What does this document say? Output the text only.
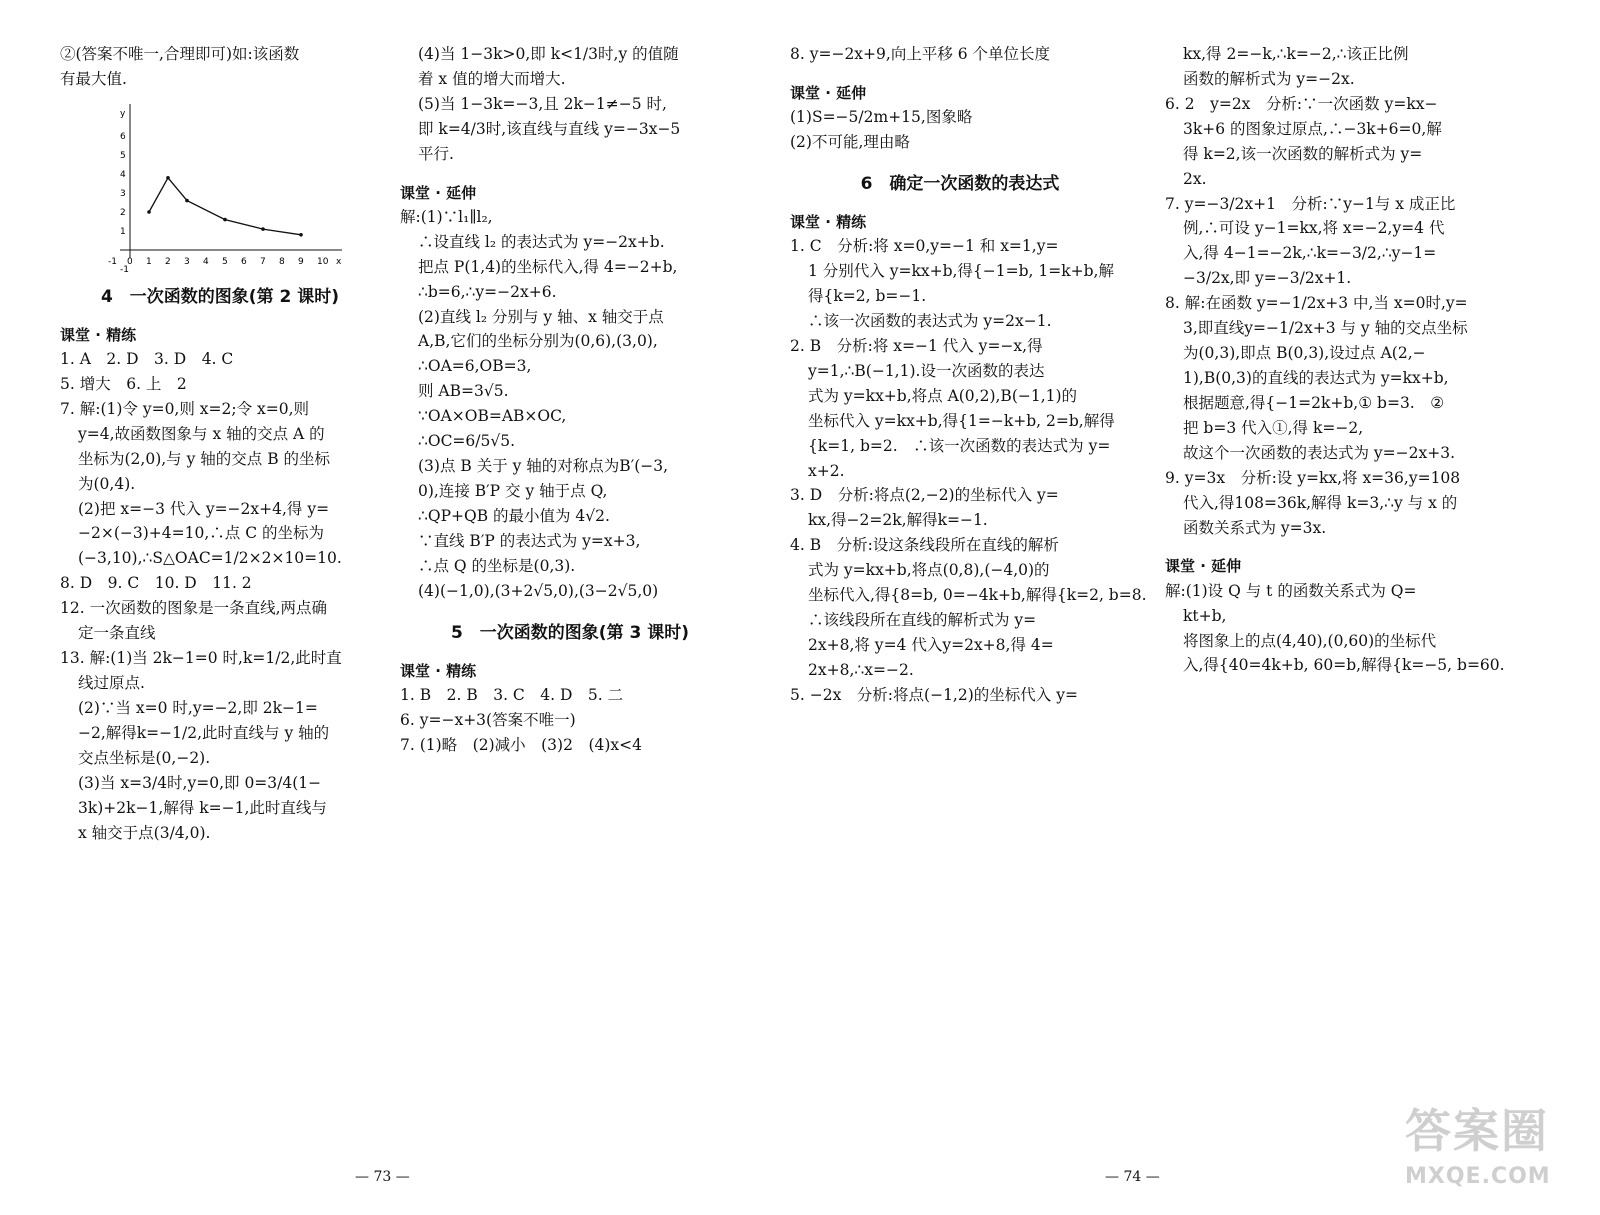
②(答案不唯一,合理即可)如:该函数

有最大值.

-1 0 1 2 3 4 5 6 7 8 9 10 x
6
5
4
3
2
1
-1
y

4　一次函数的图象(第 2 课时)

课堂 · 精练

1. A　2. D　3. D　4. C

5. 增大　6. 上　2

7. 解:(1)令 y=0,则 x=2;令 x=0,则

y=4,故函数图象与 x 轴的交点 A 的

坐标为(2,0),与 y 轴的交点 B 的坐标

为(0,4).

(2)把 x=−3 代入 y=−2x+4,得 y=

−2×(−3)+4=10,∴点 C 的坐标为

(−3,10),∴S△OAC=1/2×2×10=10.

8. D　9. C　10. D　11. 2

12. 一次函数的图象是一条直线,两点确

定一条直线

13. 解:(1)当 2k−1=0 时,k=1/2,此时直

线过原点.

(2)∵当 x=0 时,y=−2,即 2k−1=

−2,解得k=−1/2,此时直线与 y 轴的

交点坐标是(0,−2).

(3)当 x=3/4时,y=0,即 0=3/4(1−

3k)+2k−1,解得 k=−1,此时直线与

x 轴交于点(3/4,0).

(4)当 1−3k>0,即 k<1/3时,y 的值随

着 x 值的增大而增大.

(5)当 1−3k=−3,且 2k−1≠−5 时,

即 k=4/3时,该直线与直线 y=−3x−5

平行.

课堂 · 延伸

解:(1)∵l₁∥l₂,

∴设直线 l₂ 的表达式为 y=−2x+b.

把点 P(1,4)的坐标代入,得 4=−2+b,

∴b=6,∴y=−2x+6.

(2)直线 l₂ 分别与 y 轴、x 轴交于点

A,B,它们的坐标分别为(0,6),(3,0),

∴OA=6,OB=3,

则 AB=3√5.

∵OA×OB=AB×OC,

∴OC=6/5√5.

(3)点 B 关于 y 轴的对称点为B′(−3,

0),连接 B′P 交 y 轴于点 Q,

∴QP+QB 的最小值为 4√2.

∵直线 B′P 的表达式为 y=x+3,

∴点 Q 的坐标是(0,3).

(4)(−1,0),(3+2√5,0),(3−2√5,0)

5　一次函数的图象(第 3 课时)

课堂 · 精练

1. B　2. B　3. C　4. D　5. 二

6. y=−x+3(答案不唯一)

7. (1)略　(2)减小　(3)2　(4)x<4

— 73 —

8. y=−2x+9,向上平移 6 个单位长度

课堂 · 延伸

(1)S=−5/2m+15,图象略

(2)不可能,理由略

6　确定一次函数的表达式

课堂 · 精练

1. C　分析:将 x=0,y=−1 和 x=1,y=

1 分别代入 y=kx+b,得{−1=b, 1=k+b,解

得{k=2, b=−1.

∴该一次函数的表达式为 y=2x−1.

2. B　分析:将 x=−1 代入 y=−x,得

y=1,∴B(−1,1).设一次函数的表达

式为 y=kx+b,将点 A(0,2),B(−1,1)的

坐标代入 y=kx+b,得{1=−k+b, 2=b,解得

{k=1, b=2.　∴该一次函数的表达式为 y=

x+2.

3. D　分析:将点(2,−2)的坐标代入 y=

kx,得−2=2k,解得k=−1.

4. B　分析:设这条线段所在直线的解析

式为 y=kx+b,将点(0,8),(−4,0)的

坐标代入,得{8=b, 0=−4k+b,解得{k=2, b=8.

∴该线段所在直线的解析式为 y=

2x+8,将 y=4 代入y=2x+8,得 4=

2x+8,∴x=−2.

5. −2x　分析:将点(−1,2)的坐标代入 y=

kx,得 2=−k,∴k=−2,∴该正比例

函数的解析式为 y=−2x.

6. 2　y=2x　分析:∵一次函数 y=kx−

3k+6 的图象过原点,∴−3k+6=0,解

得 k=2,该一次函数的解析式为 y=

2x.

7. y=−3/2x+1　分析:∵y−1与 x 成正比

例,∴可设 y−1=kx,将 x=−2,y=4 代

入,得 4−1=−2k,∴k=−3/2,∴y−1=

−3/2x,即 y=−3/2x+1.

8. 解:在函数 y=−1/2x+3 中,当 x=0时,y=

3,即直线y=−1/2x+3 与 y 轴的交点坐标

为(0,3),即点 B(0,3),设过点 A(2,−

1),B(0,3)的直线的表达式为 y=kx+b,

根据题意,得{−1=2k+b,① b=3.　②

把 b=3 代入①,得 k=−2,

故这个一次函数的表达式为 y=−2x+3.

9. y=3x　分析:设 y=kx,将 x=36,y=108

代入,得108=36k,解得 k=3,∴y 与 x 的

函数关系式为 y=3x.

课堂 · 延伸

解:(1)设 Q 与 t 的函数关系式为 Q=

kt+b,

将图象上的点(4,40),(0,60)的坐标代

入,得{40=4k+b, 60=b,解得{k=−5, b=60.

— 74 —
答案圈
MXQE.COM
